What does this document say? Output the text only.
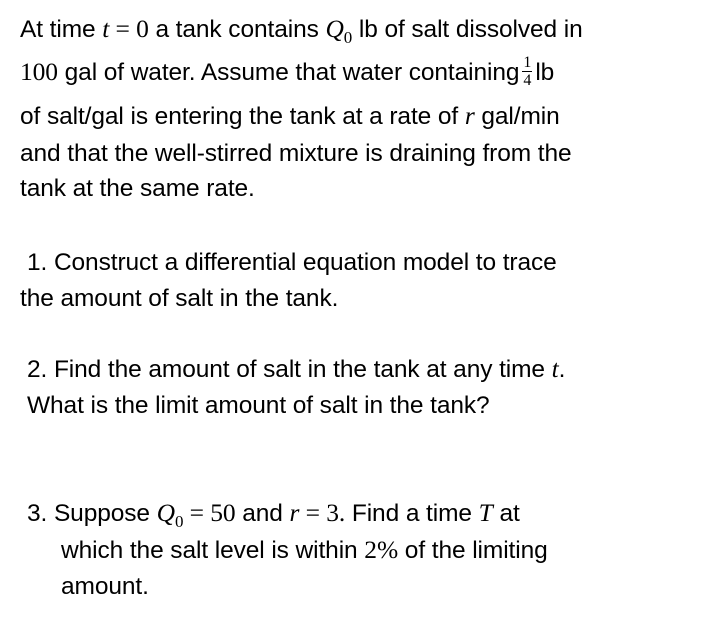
At time t = 0 a tank contains $Q_0$ lb of salt dissolved in
100 gal of water. Assume that water containing $\frac{1}{4}$ lb
of salt/gal is entering the tank at a rate of r gal/min
and that the well-stirred mixture is draining from the
tank at the same rate.
1. Construct a differential equation model to trace
the amount of salt in the tank.
2. Find the amount of salt in the tank at any time t.
What is the limit amount of salt in the tank?
3. Suppose $Q_0 = 50$ and r = 3. Find a time T at
which the salt level is within 2% of the limiting
amount.
